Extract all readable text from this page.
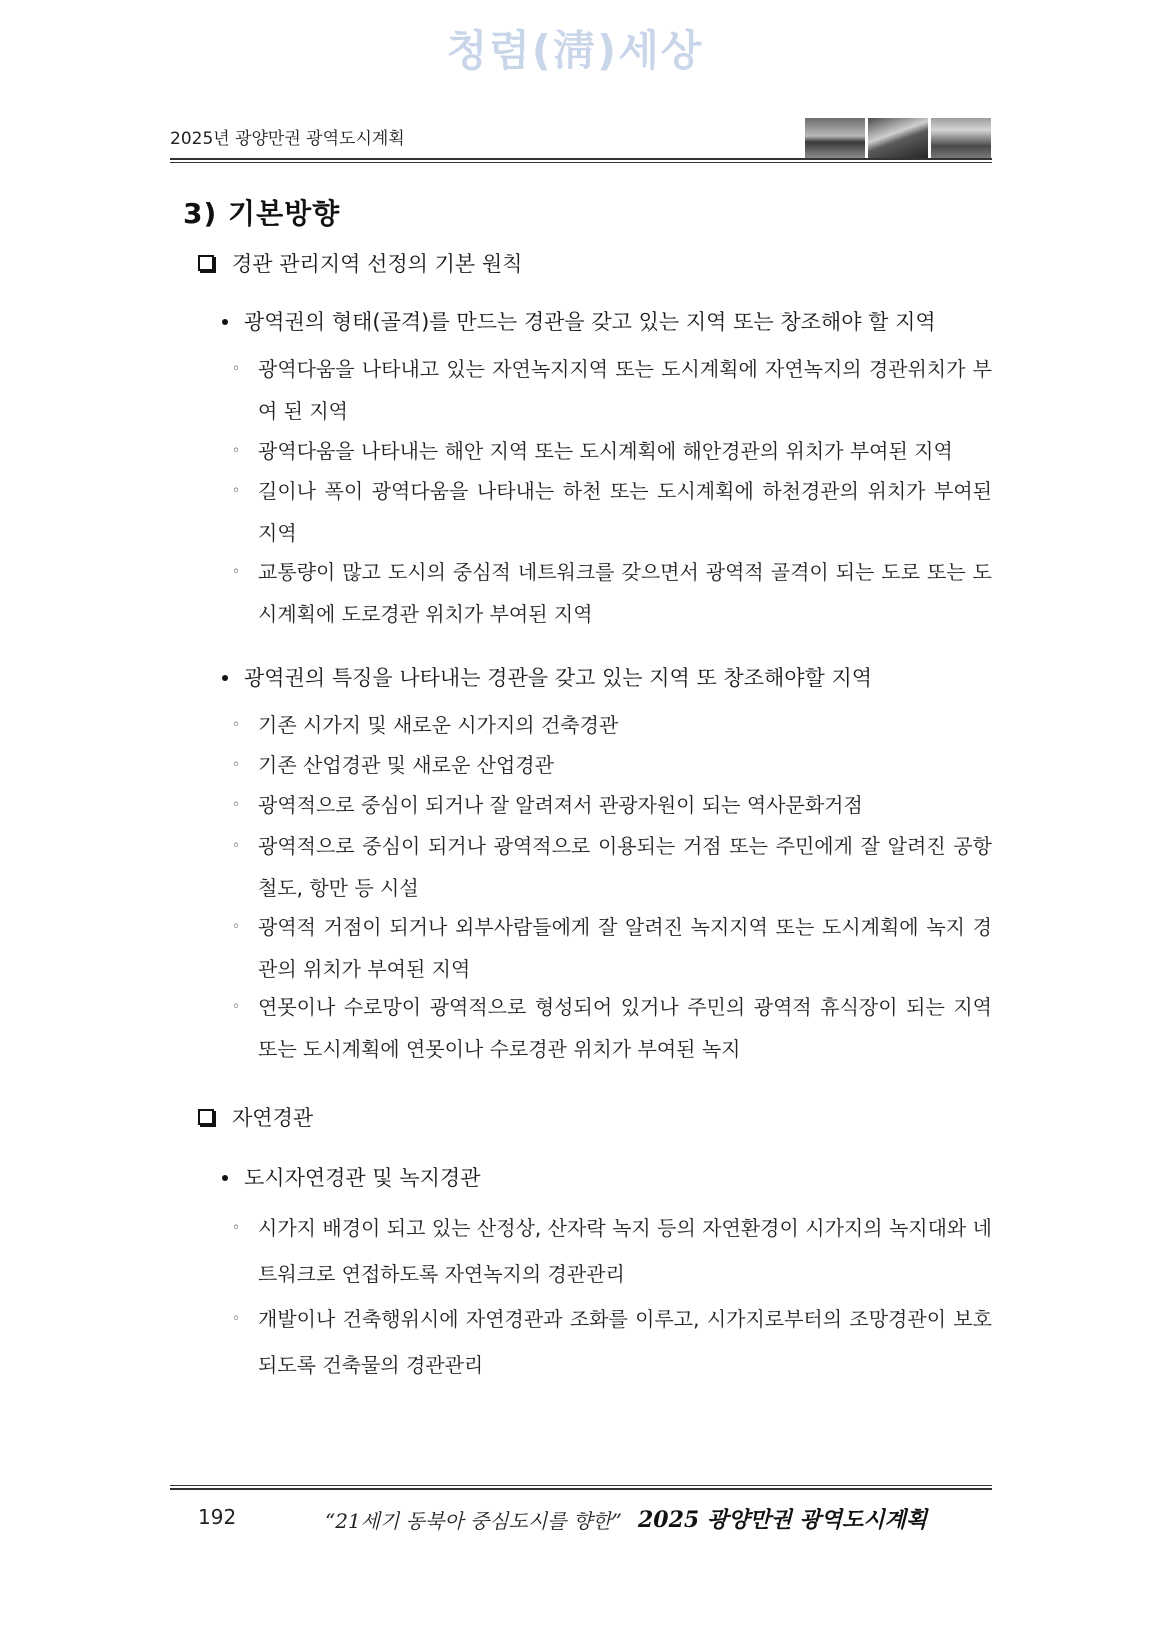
청렴(淸)세상
2025년 광양만권 광역도시계획
3) 기본방향
경관 관리지역 선정의 기본 원칙
광역권의 형태(골격)를 만드는 경관을 갖고 있는 지역 또는 창조해야 할 지역
◦ 광역다움을 나타내고 있는 자연녹지지역 또는 도시계획에 자연녹지의 경관위치가 부여 된 지역
◦ 광역다움을 나타내는 해안 지역 또는 도시계획에 해안경관의 위치가 부여된 지역
◦ 길이나 폭이 광역다움을 나타내는 하천 또는 도시계획에 하천경관의 위치가 부여된 지역
◦ 교통량이 많고 도시의 중심적 네트워크를 갖으면서 광역적 골격이 되는 도로 또는 도시계획에 도로경관 위치가 부여된 지역
광역권의 특징을 나타내는 경관을 갖고 있는 지역 또 창조해야할 지역
◦ 기존 시가지 및 새로운 시가지의 건축경관
◦ 기존 산업경관 및 새로운 산업경관
◦ 광역적으로 중심이 되거나 잘 알려져서 관광자원이 되는 역사문화거점
◦ 광역적으로 중심이 되거나 광역적으로 이용되는 거점 또는 주민에게 잘 알려진 공항철도, 항만 등 시설
◦ 광역적 거점이 되거나 외부사람들에게 잘 알려진 녹지지역 또는 도시계획에 녹지 경관의 위치가 부여된 지역
◦ 연못이나 수로망이 광역적으로 형성되어 있거나 주민의 광역적 휴식장이 되는 지역 또는 도시계획에 연못이나 수로경관 위치가 부여된 녹지
자연경관
도시자연경관 및 녹지경관
◦ 시가지 배경이 되고 있는 산정상, 산자락 녹지 등의 자연환경이 시가지의 녹지대와 네트워크로 연접하도록 자연녹지의 경관관리
◦ 개발이나 건축행위시에 자연경관과 조화를 이루고, 시가지로부터의 조망경관이 보호되도록 건축물의 경관관리
192	“21세기 동북아 중심도시를 향한” 2025 광양만권 광역도시계획
